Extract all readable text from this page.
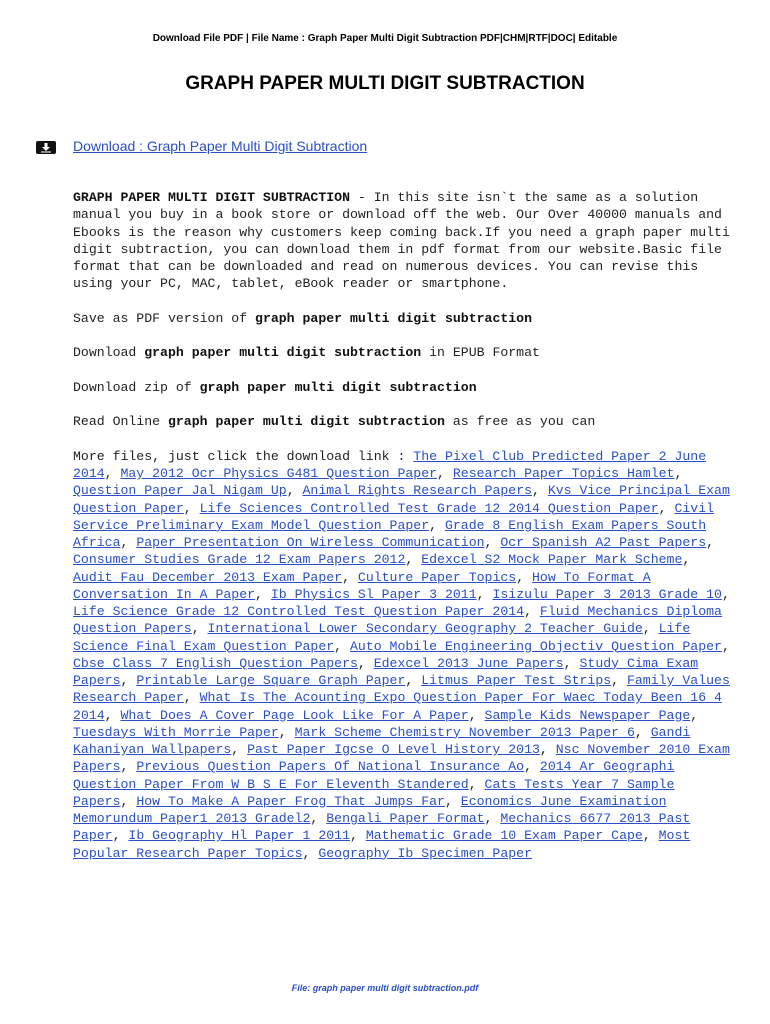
Download File PDF | File Name : Graph Paper Multi Digit Subtraction PDF|CHM|RTF|DOC| Editable
GRAPH PAPER MULTI DIGIT SUBTRACTION
Download : Graph Paper Multi Digit Subtraction

GRAPH PAPER MULTI DIGIT SUBTRACTION - In this site isn`t the same as a solution manual you buy in a book store or download off the web. Our Over 40000 manuals and Ebooks is the reason why customers keep coming back.If you need a graph paper multi digit subtraction, you can download them in pdf format from our website.Basic file format that can be downloaded and read on numerous devices. You can revise this using your PC, MAC, tablet, eBook reader or smartphone.

Save as PDF version of graph paper multi digit subtraction

Download graph paper multi digit subtraction in EPUB Format

Download zip of graph paper multi digit subtraction

Read Online graph paper multi digit subtraction as free as you can

More files, just click the download link : The Pixel Club Predicted Paper 2 June 2014, May 2012 Ocr Physics G481 Question Paper, Research Paper Topics Hamlet, Question Paper Jal Nigam Up, Animal Rights Research Papers, Kvs Vice Principal Exam Question Paper, Life Sciences Controlled Test Grade 12 2014 Question Paper, Civil Service Preliminary Exam Model Question Paper, Grade 8 English Exam Papers South Africa, Paper Presentation On Wireless Communication, Ocr Spanish A2 Past Papers, Consumer Studies Grade 12 Exam Papers 2012, Edexcel S2 Mock Paper Mark Scheme, Audit Fau December 2013 Exam Paper, Culture Paper Topics, How To Format A Conversation In A Paper, Ib Physics Sl Paper 3 2011, Isizulu Paper 3 2013 Grade 10, Life Science Grade 12 Controlled Test Question Paper 2014, Fluid Mechanics Diploma Question Papers, International Lower Secondary Geography 2 Teacher Guide, Life Science Final Exam Question Paper, Auto Mobile Engineering Objectiv Question Paper, Cbse Class 7 English Question Papers, Edexcel 2013 June Papers, Study Cima Exam Papers, Printable Large Square Graph Paper, Litmus Paper Test Strips, Family Values Research Paper, What Is The Acounting Expo Question Paper For Waec Today Been 16 4 2014, What Does A Cover Page Look Like For A Paper, Sample Kids Newspaper Page, Tuesdays With Morrie Paper, Mark Scheme Chemistry November 2013 Paper 6, Gandi Kahaniyan Wallpapers, Past Paper Igcse O Level History 2013, Nsc November 2010 Exam Papers, Previous Question Papers Of National Insurance Ao, 2014 Ar Geographi Question Paper From W B S E For Eleventh Standered, Cats Tests Year 7 Sample Papers, How To Make A Paper Frog That Jumps Far, Economics June Examination Memorundum Paper1 2013 Gradel2, Bengali Paper Format, Mechanics 6677 2013 Past Paper, Ib Geography Hl Paper 1 2011, Mathematic Grade 10 Exam Paper Cape, Most Popular Research Paper Topics, Geography Ib Specimen Paper

File: graph paper multi digit subtraction.pdf
